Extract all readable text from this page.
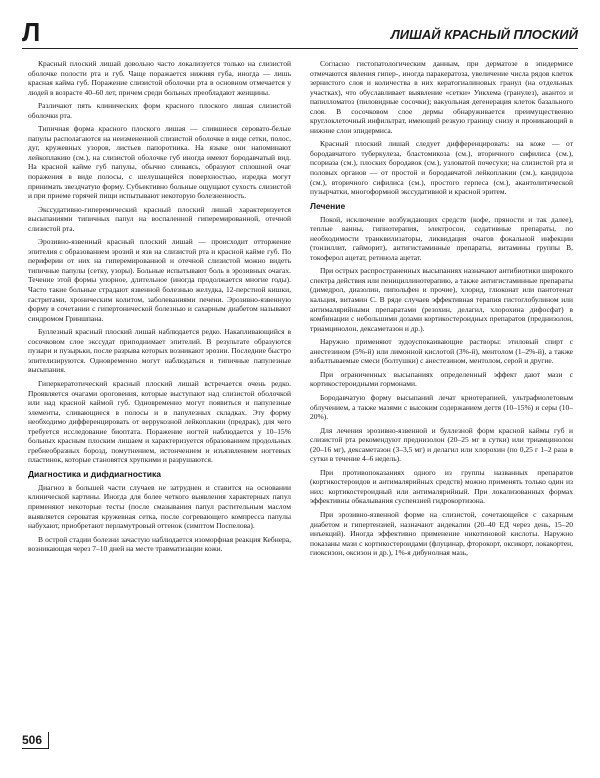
Л	ЛИШАЙ КРАСНЫЙ ПЛОСКИЙ

Красный плоский лишай довольно часто локализуется только на слизистой оболочке полости рта и губ. Чаще поражается нижняя губа, иногда — лишь красная кайма губ. Поражение слизистой оболочки рта в основном отмечается у людей в возрасте 40–60 лет, причем среди больных преобладают женщины.

Различают пять клинических форм красного плоского лишая слизистой оболочки рта.

Типичная форма красного плоского лишая — слившиеся серовато-белые папулы располагаются на неизмененной слизистой оболочке в виде сетки, полос, дуг, кружевных узоров, листьев папоротника. На языке они напоминают лейкоплакию (см.), на слизистой оболочке губ иногда имеют бородавчатый вид. На красной кайме губ папулы, обычно сливаясь, образуют сплошной очаг поражения в виде полосы, с шелушащейся поверхностью, изредка могут принимать звездчатую форму. Субъективно больные ощущают сухость слизистой и при приеме горячей пищи испытывают некоторую болезненность.

Экссудативно-гиперемический красный плоский лишай характеризуется высыпаниями типичных папул на воспаленной гиперемированной, отечной слизистой рта.

Эрозивно-язвенный красный плоский лишай — происходит отторжение эпителия с образованием эрозий и язв на слизистой рта и красной кайме губ. По периферии от них на гиперемированной и отечной слизистой можно видеть типичные папулы (сетку, узоры). Больные испытывают боль в эрозивных очагах. Течение этой формы упорное, длительное (иногда продолжается многие годы). Часто такие больные страдают язвенной болезнью желудка, 12-перстной кишки, гастритами, хроническим колитом, заболеваниями печени. Эрозивно-язвенную форму в сочетании с гипертонической болезнью и сахарным диабетом называют синдромом Гриншпана.

Буллезный красный плоский лишай наблюдается редко. Накапливающийся в сосочковом слое экссудат приподнимает эпителий. В результате образуются пузыри и пузырьки, после разрыва которых возникают эрозии. Последние быстро эпителизируются. Одновременно могут наблюдаться и типичные папулезные высыпания.

Гиперкератотический красный плоский лишай встречается очень редко. Проявляется очагами ороговения, которые выступают над слизистой оболочкой или над красной каймой губ. Одновременно могут появиться и папулезные элементы, сливающиеся в полосы и в папулезных складках. Эту форму необходимо дифференцировать от веррукозной лейкоплакии (предрак), для чего требуется исследование биоптата. Поражение ногтей наблюдается у 10–15% больных красным плоским лишаем и характеризуется образованием продольных гребнеобразных борозд, помутнением, истончением и изъязвлением ногтевых пластинок, которые становятся хрупкими и разрушаются.

Диагностика и дифдиагностика

Диагноз в большей части случаев не затруднен и ставится на основании клинической картины. Иногда для более четкого выявления характерных папул применяют некоторые тесты (после смазывания папул растительным маслом выявляется сероватая кружевная сетка, после согревающего компресса папулы набухают, приобретают перламутровый оттенок (симптом Поспелова).

В острой стадии болезни зачастую наблюдается изоморфная реакция Кебнера, возникающая через 7–10 дней на месте травматизации кожи.

Согласно гистопатологическим данным, при дерматозе в эпидермисе отмечаются явления гипер-, иногда паракератоза, увеличение числа рядов клеток зернистого слоя и количества в них кератогиалиновых гранул (на отдельных участках), что обуславливает выявление «сетки» Уикхема (гранулез), акантоз и папилломатоз (пиловидные сосочки); вакуольная дегенерация клеток базального слоя. В сосочковом слое дермы обнаруживается преимущественно круглоклеточный инфильтрат, имеющий резкую границу снизу и проникающий в нижние слои эпидермиса.

Красный плоский лишай следует дифференцировать: на коже — от бородавчатого туберкулеза, бластомикоза (см.), вторичного сифилиса (см.), псориаза (см.), плоских бородавок (см.), узловатой почесухи; на слизистой рта и половых органов — от простой и бородавчатой лейкоплакии (см.), кандидоза (см.), вторичного сифилиса (см.), простого герпеса (см.), акантолитической пузырчатки, многоформной экссудативной и красной эритем.

Лечение

Покой, исключение возбуждающих средств (кофе, пряности и так далее), теплые ванны, гипнотерапия, электросон, седативные препараты, по необходимости транквилизаторы, ликвидация очагов фокальной инфекции (тонзиллит, гайморит), антигистаминные препараты, витамины группы В, токоферол ацетат, ретинола ацетат.

При острых распространенных высыпаниях назначают антибиотики широкого спектра действия или пенициллинотерапию, а также антигистаминные препараты (димедрол, диазолин, пипольфен и прочие), хлорид, глюконат или пантотенат кальция, витамин С. В ряде случаев эффективная терапия гистоглобулином или антималярийными препаратами (резохин, делагил, хлорохина дифосфат) в комбинации с небольшими дозами кортикостероидных препаратов (преднизолон, триамцинолон, дексаметазон и др.).

Наружно применяют зудоуспокаивающие растворы: этиловый спирт с анестезином (5%-й) или лимонной кислотой (3%-й), ментолом (1–2%-й), а также взбалтываемые смеси (болтушки) с анестезином, ментолом, серой и другие.

При ограниченных высыпаниях определенный эффект дают мази с кортикостероидными гормонами.

Бородавчатую форму высыпаний лечат криотерапией, ультрафиолетовым облучением, а также мазями с высоким содержанием дегтя (10–15%) и серы (10–20%).

Для лечения эрозивно-язвенной и буллезной форм красной каймы губ и слизистой рта рекомендуют преднизолон (20–25 мг в сутки) или триамцинолон (20–16 мг), дексаметазон (3–3,5 мг) и делагил или хлорохин (по 0,25 г 1–2 раза в сутки в течение 4–6 недель).

При противопоказаниях одного из группы названных препаратов (кортикостероидов и антималярийных средств) можно применять только один из них: кортикостероидный или антималярийный. При локализованных формах эффективны обкалывания суспензией гидрокортизона.

При эрозивно-язвенной форме на слизистой, сочетающейся с сахарным диабетом и гипертензией, назначают андекалин (20–40 ЕД через день, 15–20 инъекций). Иногда эффективно применение никотиновой кислоты. Наружно показаны мази с кортикостероидами (флуцинар, фторокорт, оксикорт, локакортен, гиоксизон, оксизон и др.), 1%-я дибунолная мазь,

506
